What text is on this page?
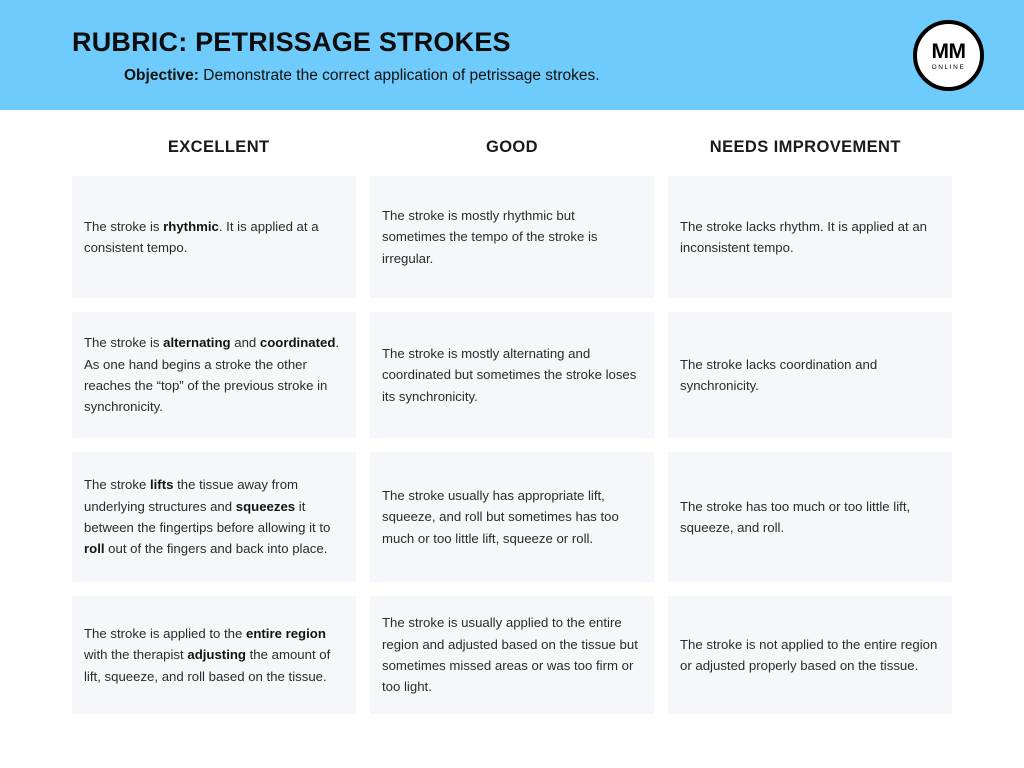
RUBRIC: PETRISSAGE STROKES
Objective: Demonstrate the correct application of petrissage strokes.
MM
ONLINE
EXCELLENT	GOOD	NEEDS IMPROVEMENT
The stroke is rhythmic. It is applied at a consistent tempo.
The stroke is mostly rhythmic but sometimes the tempo of the stroke is irregular.
The stroke lacks rhythm. It is applied at an inconsistent tempo.
The stroke is alternating and coordinated. As one hand begins a stroke the other reaches the “top” of the previous stroke in synchronicity.
The stroke is mostly alternating and coordinated but sometimes the stroke loses its synchronicity.
The stroke lacks coordination and synchronicity.
The stroke lifts the tissue away from underlying structures and squeezes it between the fingertips before allowing it to roll out of the fingers and back into place.
The stroke usually has appropriate lift, squeeze, and roll but sometimes has too much or too little lift, squeeze or roll.
The stroke has too much or too little lift, squeeze, and roll.
The stroke is applied to the entire region with the therapist adjusting the amount of lift, squeeze, and roll based on the tissue.
The stroke is usually applied to the entire region and adjusted based on the tissue but sometimes missed areas or was too firm or too light.
The stroke is not applied to the entire region or adjusted properly based on the tissue.
